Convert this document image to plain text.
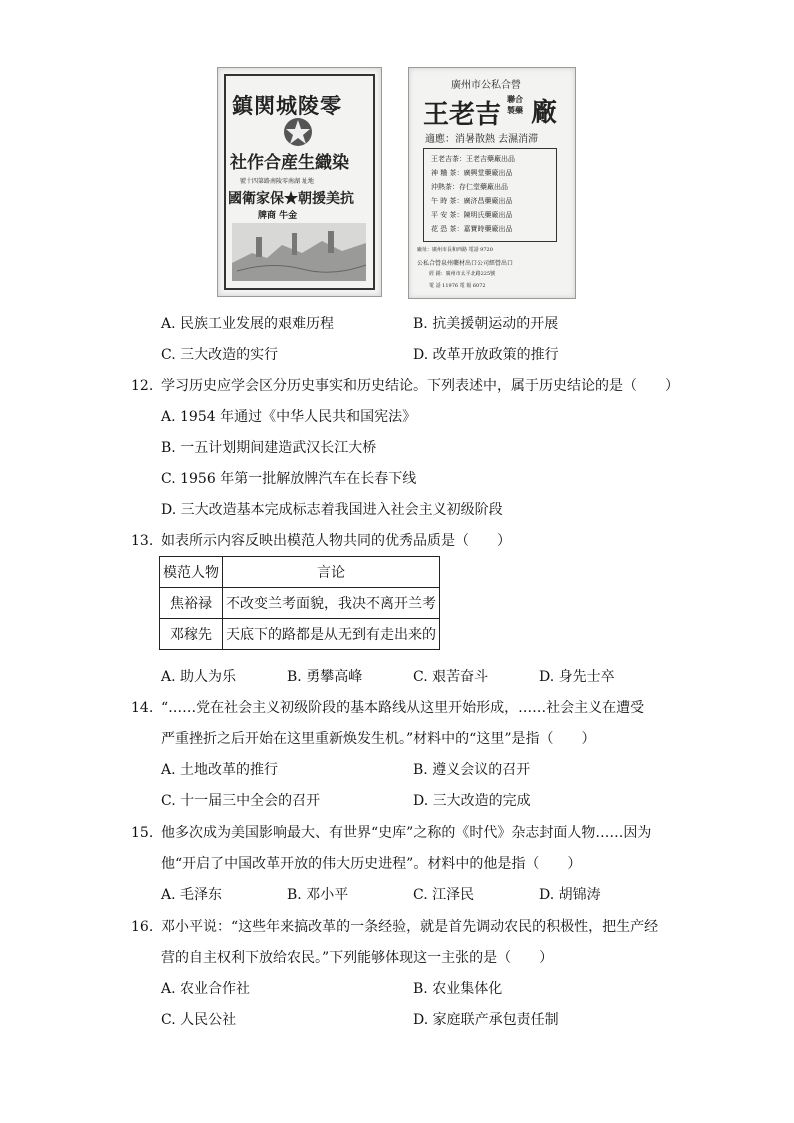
鎮関城陵零
社作合産生織染
號十四第路南陵零南湖 址地
國衛家保★朝援美抗
牌商 牛金
廣州市公私合營
王老吉
聯合製藥 廠
適應：消暑散熱 去濕消滞
王老吉茶：王老吉藥廠出品
神 粬 茶：廣興堂藥廠出品
沖熱茶：存仁堂藥廠出品
午 時 茶：廣济昌藥廠出品
平 安 茶：陳明氏藥廠出品
花 恐 茶：嘉寶時藥廠出品
廠址：廣州市長和西路 電話 9720
公私合營泉州藥材出口公司經營出口
經 銷：廣州市太平北路225號
電 話 11976 電 報 6072
A. 民族工业发展的艰难历程	B. 抗美援朝运动的开展
C. 三大改造的实行	D. 改革开放政策的推行
12. 学习历史应学会区分历史事实和历史结论。下列表述中，属于历史结论的是（　　）
A. 1954 年通过《中华人民共和国宪法》
B. 一五计划期间建造武汉长江大桥
C. 1956 年第一批解放牌汽车在长春下线
D. 三大改造基本完成标志着我国进入社会主义初级阶段
13. 如表所示内容反映出模范人物共同的优秀品质是（　　）
模范人物	言论
焦裕禄	不改变兰考面貌，我决不离开兰考
邓稼先	天底下的路都是从无到有走出来的
A. 助人为乐	B. 勇攀高峰	C. 艰苦奋斗	D. 身先士卒
14. “……党在社会主义初级阶段的基本路线从这里开始形成，……社会主义在遭受
严重挫折之后开始在这里重新焕发生机。”材料中的“这里”是指（　　）
A. 土地改革的推行	B. 遵义会议的召开
C. 十一届三中全会的召开	D. 三大改造的完成
15. 他多次成为美国影响最大、有世界“史库”之称的《时代》杂志封面人物……因为
他“开启了中国改革开放的伟大历史进程”。材料中的他是指（　　）
A. 毛泽东	B. 邓小平	C. 江泽民	D. 胡锦涛
16. 邓小平说：“这些年来搞改革的一条经验，就是首先调动农民的积极性，把生产经
营的自主权利下放给农民。”下列能够体现这一主张的是（　　）
A. 农业合作社	B. 农业集体化
C. 人民公社	D. 家庭联产承包责任制
